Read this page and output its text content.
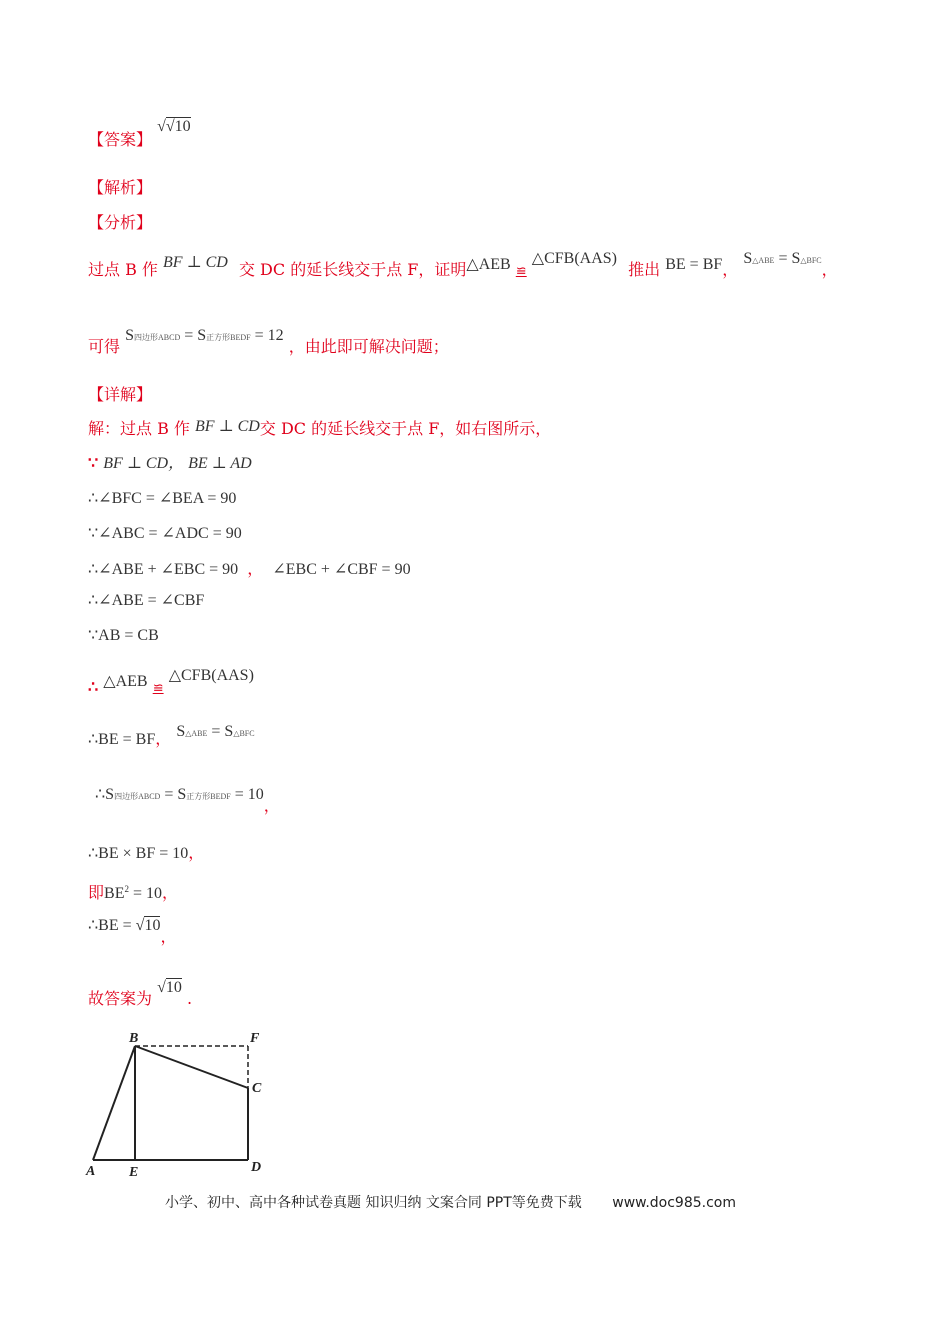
【答案】 √√10
【解析】
【分析】
过点 B 作 BF ⊥ CD 交 DC 的延长线交于点 F，证明△AEB ≌ △CFB(AAS) 推出 BE = BF， S△ABE = S△BFC，
可得 S四边形ABCD = S正方形BEDF = 12 ，由此即可解决问题；
【详解】
解：过点 B 作 BF ⊥ CD交 DC 的延长线交于点 F，如右图所示，
∵ BF ⊥ CD， BE ⊥ AD
∴∠BFC = ∠BEA = 90
∵∠ABC = ∠ADC = 90
∴∠ABE + ∠EBC = 90 ， ∠EBC + ∠CBF = 90
∴∠ABE = ∠CBF
∵AB = CB
∴ △AEB ≌ △CFB(AAS)
∴BE = BF， S△ABE = S△BFC
∴S四边形ABCD = S正方形BEDF = 10，
∴BE × BF = 10，
即$BE^2 = 10$，
∴BE = √10，
故答案为 √10 .
B	F
C
A E	D
小学、初中、高中各种试卷真题 知识归纳 文案合同 PPT等免费下载 www.doc985.com
